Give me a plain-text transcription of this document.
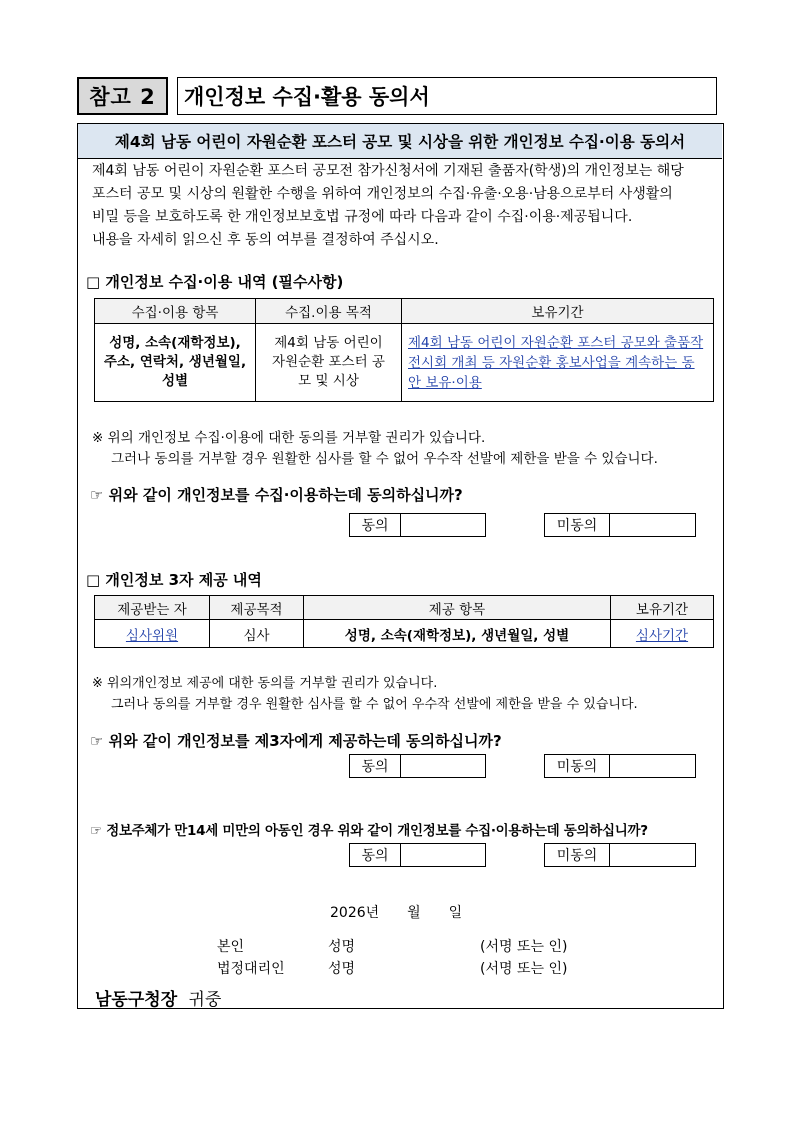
참고 2	개인정보 수집·활용 동의서
제4회 남동 어린이 자원순환 포스터 공모 및 시상을 위한 개인정보 수집·이용 동의서
제4회 남동 어린이 자원순환 포스터 공모전 참가신청서에 기재된 출품자(학생)의 개인정보는 해당
포스터 공모 및 시상의 원활한 수행을 위하여 개인정보의 수집·유출·오용·남용으로부터 사생활의
비밀 등을 보호하도록 한 개인정보보호법 규정에 따라 다음과 같이 수집·이용·제공됩니다.
내용을 자세히 읽으신 후 동의 여부를 결정하여 주십시오.
□ 개인정보 수집·이용 내역 (필수사항)
수집·이용 항목	수집.이용 목적	보유기간
성명, 소속(재학정보), 주소, 연락처, 생년월일, 성별	제4회 남동 어린이 자원순환 포스터 공모 및 시상	제4회 남동 어린이 자원순환 포스터 공모와 출품작 전시회 개최 등 자원순환 홍보사업을 계속하는 동안 보유·이용
※ 위의 개인정보 수집·이용에 대한 동의를 거부할 권리가 있습니다.
그러나 동의를 거부할 경우 원활한 심사를 할 수 없어 우수작 선발에 제한을 받을 수 있습니다.
☞ 위와 같이 개인정보를 수집·이용하는데 동의하십니까?
동의	미동의
□ 개인정보 3자 제공 내역
제공받는 자	제공목적	제공 항목	보유기간
심사위원	심사	성명, 소속(재학정보), 생년월일, 성별	심사기간
※ 위의개인정보 제공에 대한 동의를 거부할 권리가 있습니다.
그러나 동의를 거부할 경우 원활한 심사를 할 수 없어 우수작 선발에 제한을 받을 수 있습니다.
☞ 위와 같이 개인정보를 제3자에게 제공하는데 동의하십니까?
동의	미동의
☞ 정보주체가 만14세 미만의 아동인 경우 위와 같이 개인정보를 수집·이용하는데 동의하십니까?
동의	미동의
2026년　　월　　일
본인	성명	(서명 또는 인)
법정대리인	성명	(서명 또는 인)
남동구청장 귀중
